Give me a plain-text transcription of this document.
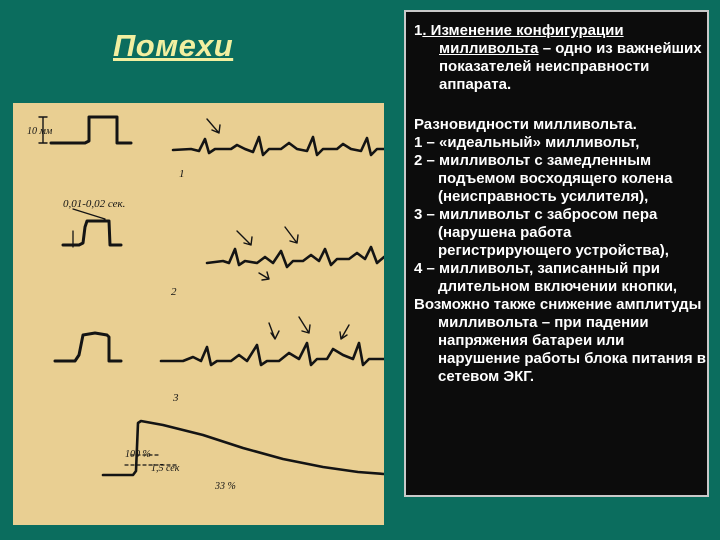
Помехи
10 мм
0,01-0,02 сек.
1
2
3
100 %
1,5 сек
33 %

1. Изменение конфигурации милливольта – одно из важнейших показателей неисправности аппарата.

Разновидности милливольта.

1 – «идеальный» милливольт,

2 – милливольт с замедленным подъемом восходящего колена (неисправность усилителя),

3 – милливольт с забросом пера (нарушена работа регистрирующего устройства),

4 – милливольт, записанный при длительном включении кнопки,

Возможно также снижение амплитуды милливольта – при падении напряжения батареи или нарушение работы блока питания в сетевом ЭКГ.
